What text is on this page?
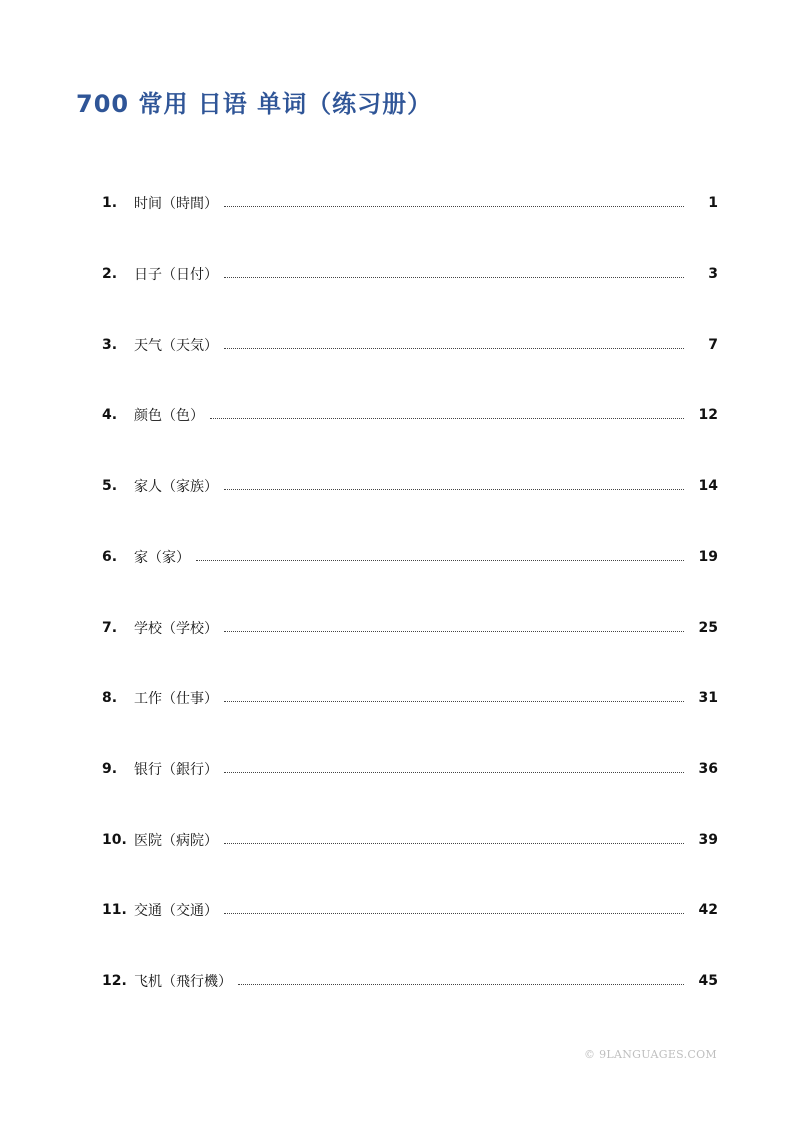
700 常用 日语 单词（练习册）
1.	时间（時間）	1
2.	日子（日付）	3
3.	天气（天気）	7
4.	颜色（色）	12
5.	家人（家族）	14
6.	家（家）	19
7.	学校（学校）	25
8.	工作（仕事）	31
9.	银行（銀行）	36
10. 医院（病院）	39
11. 交通（交通）	42
12. 飞机（飛行機）	45
© 9LANGUAGES.COM
